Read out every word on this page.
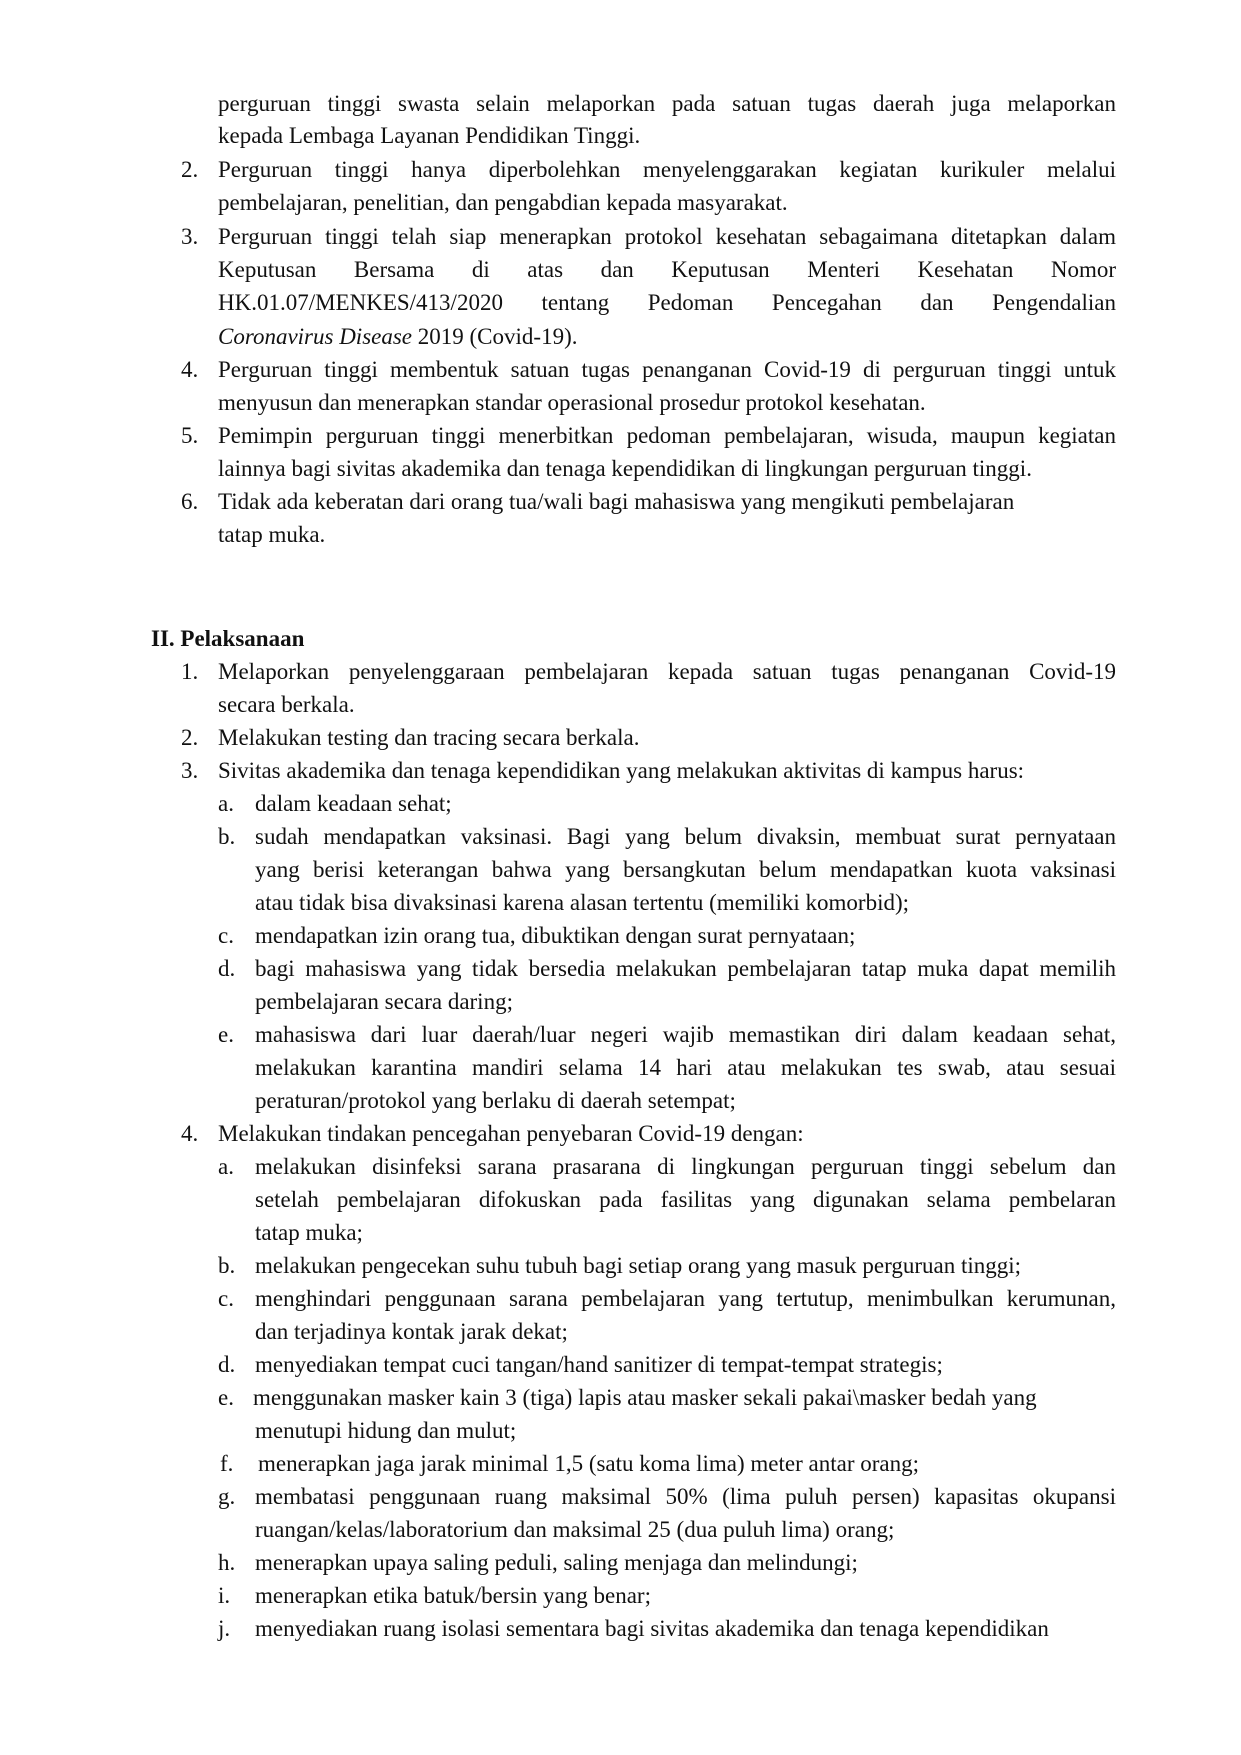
perguruan tinggi swasta selain melaporkan pada satuan tugas daerah juga melaporkan
kepada Lembaga Layanan Pendidikan Tinggi.
2. Perguruan tinggi hanya diperbolehkan menyelenggarakan kegiatan kurikuler melalui
pembelajaran, penelitian, dan pengabdian kepada masyarakat.
3. Perguruan tinggi telah siap menerapkan protokol kesehatan sebagaimana ditetapkan dalam
Keputusan Bersama di atas dan Keputusan Menteri Kesehatan Nomor
HK.01.07/MENKES/413/2020 tentang Pedoman Pencegahan dan Pengendalian
Coronavirus Disease 2019 (Covid-19).
4. Perguruan tinggi membentuk satuan tugas penanganan Covid-19 di perguruan tinggi untuk
menyusun dan menerapkan standar operasional prosedur protokol kesehatan.
5. Pemimpin perguruan tinggi menerbitkan pedoman pembelajaran, wisuda, maupun kegiatan
lainnya bagi sivitas akademika dan tenaga kependidikan di lingkungan perguruan tinggi.
6. Tidak ada keberatan dari orang tua/wali bagi mahasiswa yang mengikuti pembelajaran
tatap muka.
II. Pelaksanaan
1. Melaporkan penyelenggaraan pembelajaran kepada satuan tugas penanganan Covid-19
secara berkala.
2. Melakukan testing dan tracing secara berkala.
3. Sivitas akademika dan tenaga kependidikan yang melakukan aktivitas di kampus harus:
a. dalam keadaan sehat;
b. sudah mendapatkan vaksinasi. Bagi yang belum divaksin, membuat surat pernyataan
yang berisi keterangan bahwa yang bersangkutan belum mendapatkan kuota vaksinasi
atau tidak bisa divaksinasi karena alasan tertentu (memiliki komorbid);
c. mendapatkan izin orang tua, dibuktikan dengan surat pernyataan;
d. bagi mahasiswa yang tidak bersedia melakukan pembelajaran tatap muka dapat memilih
pembelajaran secara daring;
e. mahasiswa dari luar daerah/luar negeri wajib memastikan diri dalam keadaan sehat,
melakukan karantina mandiri selama 14 hari atau melakukan tes swab, atau sesuai
peraturan/protokol yang berlaku di daerah setempat;
4. Melakukan tindakan pencegahan penyebaran Covid-19 dengan:
a. melakukan disinfeksi sarana prasarana di lingkungan perguruan tinggi sebelum dan
setelah pembelajaran difokuskan pada fasilitas yang digunakan selama pembelaran
tatap muka;
b. melakukan pengecekan suhu tubuh bagi setiap orang yang masuk perguruan tinggi;
c. menghindari penggunaan sarana pembelajaran yang tertutup, menimbulkan kerumunan,
dan terjadinya kontak jarak dekat;
d. menyediakan tempat cuci tangan/hand sanitizer di tempat-tempat strategis;
e. menggunakan masker kain 3 (tiga) lapis atau masker sekali pakai\masker bedah yang
menutupi hidung dan mulut;
f. menerapkan jaga jarak minimal 1,5 (satu koma lima) meter antar orang;
g. membatasi penggunaan ruang maksimal 50% (lima puluh persen) kapasitas okupansi
ruangan/kelas/laboratorium dan maksimal 25 (dua puluh lima) orang;
h. menerapkan upaya saling peduli, saling menjaga dan melindungi;
i. menerapkan etika batuk/bersin yang benar;
j. menyediakan ruang isolasi sementara bagi sivitas akademika dan tenaga kependidikan
